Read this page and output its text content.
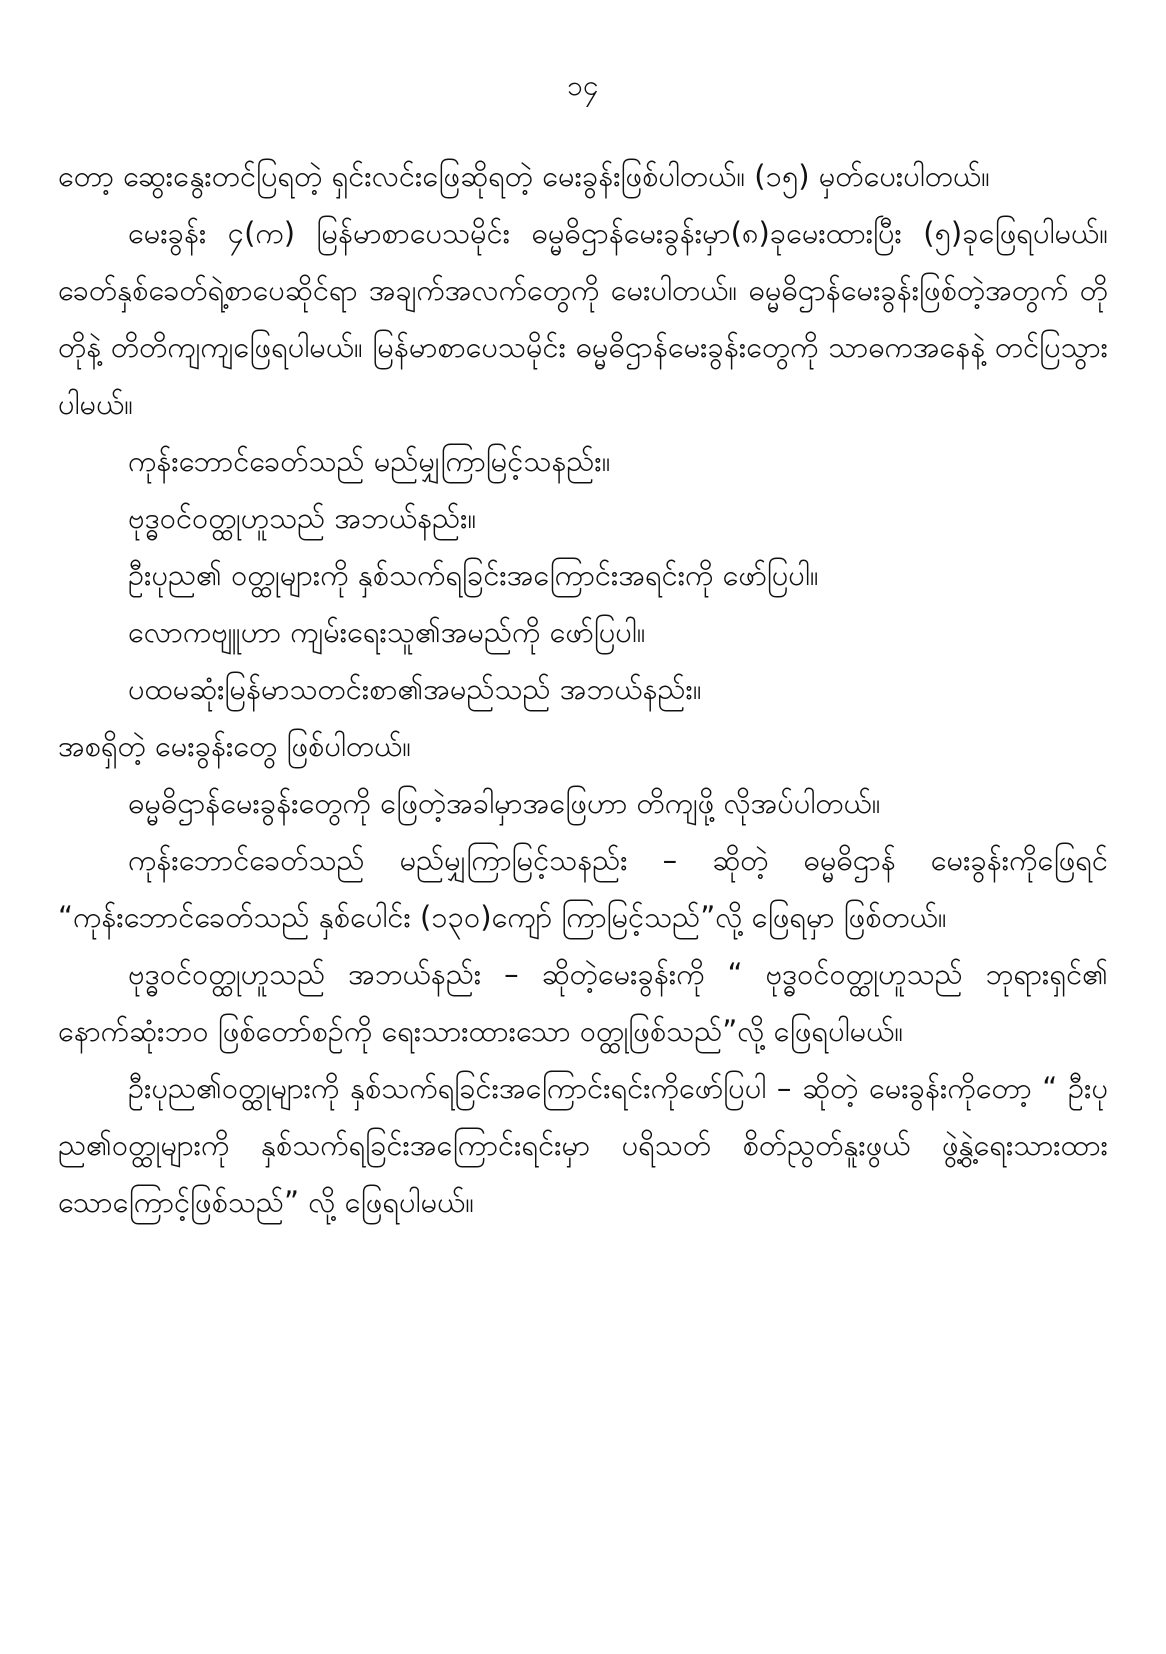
၁၄

တော့ ဆွေးနွေးတင်ပြရတဲ့ ရှင်းလင်းဖြေဆိုရတဲ့ မေးခွန်းဖြစ်ပါတယ်။ (၁၅) မှတ်ပေးပါတယ်။

မေးခွန်း ၄(က) မြန်မာစာပေသမိုင်း ဓမ္မဓိဌာန်မေးခွန်းမှာ(၈)ခုမေးထားပြီး (၅)ခုဖြေရပါမယ်။ ခေတ်နှစ်ခေတ်ရဲ့စာပေဆိုင်ရာ အချက်အလက်တွေကို မေးပါတယ်။ ဓမ္မဓိဌာန်မေးခွန်းဖြစ်တဲ့အတွက် တိုတိုနဲ့ တိတိကျကျဖြေရပါမယ်။ မြန်မာစာပေသမိုင်း ဓမ္မဓိဌာန်မေးခွန်းတွေကို သာဓကအနေနဲ့ တင်ပြသွားပါမယ်။

ကုန်းဘောင်ခေတ်သည် မည်မျှကြာမြင့်သနည်း။
ဗုဒ္ဓဝင်ဝတ္ထုဟူသည် အဘယ်နည်း။
ဦးပုည၏ ဝတ္ထုများကို နှစ်သက်ရခြင်းအကြောင်းအရင်းကို ဖော်ပြပါ။
လောကဗျူဟာ ကျမ်းရေးသူ၏အမည်ကို ဖော်ပြပါ။
ပထမဆုံးမြန်မာသတင်းစာ၏အမည်သည် အဘယ်နည်း။

အစရှိတဲ့ မေးခွန်းတွေ ဖြစ်ပါတယ်။

ဓမ္မဓိဌာန်မေးခွန်းတွေကို ဖြေတဲ့အခါမှာအဖြေဟာ တိကျဖို့ လိုအပ်ပါတယ်။

ကုန်းဘောင်ခေတ်သည် မည်မျှကြာမြင့်သနည်း – ဆိုတဲ့ ဓမ္မဓိဌာန် မေးခွန်းကိုဖြေရင် “ကုန်းဘောင်ခေတ်သည် နှစ်ပေါင်း (၁၃၀)ကျော် ကြာမြင့်သည်”လို့ ဖြေရမှာ ဖြစ်တယ်။

ဗုဒ္ဓဝင်ဝတ္ထုဟူသည် အဘယ်နည်း – ဆိုတဲ့မေးခွန်းကို “ ဗုဒ္ဓဝင်ဝတ္ထုဟူသည် ဘုရားရှင်၏ နောက်ဆုံးဘဝ ဖြစ်တော်စဉ်ကို ရေးသားထားသော ဝတ္ထုဖြစ်သည်”လို့ ဖြေရပါမယ်။

ဦးပုည၏ဝတ္ထုများကို နှစ်သက်ရခြင်းအကြောင်းရင်းကိုဖော်ပြပါ – ဆိုတဲ့ မေးခွန်းကိုတော့ “ ဦးပုည၏ဝတ္ထုများကို နှစ်သက်ရခြင်းအကြောင်းရင်းမှာ ပရိသတ် စိတ်ညွတ်နူးဖွယ် ဖွဲ့နွဲ့ရေးသားထားသောကြောင့်ဖြစ်သည်” လို့ ဖြေရပါမယ်။
